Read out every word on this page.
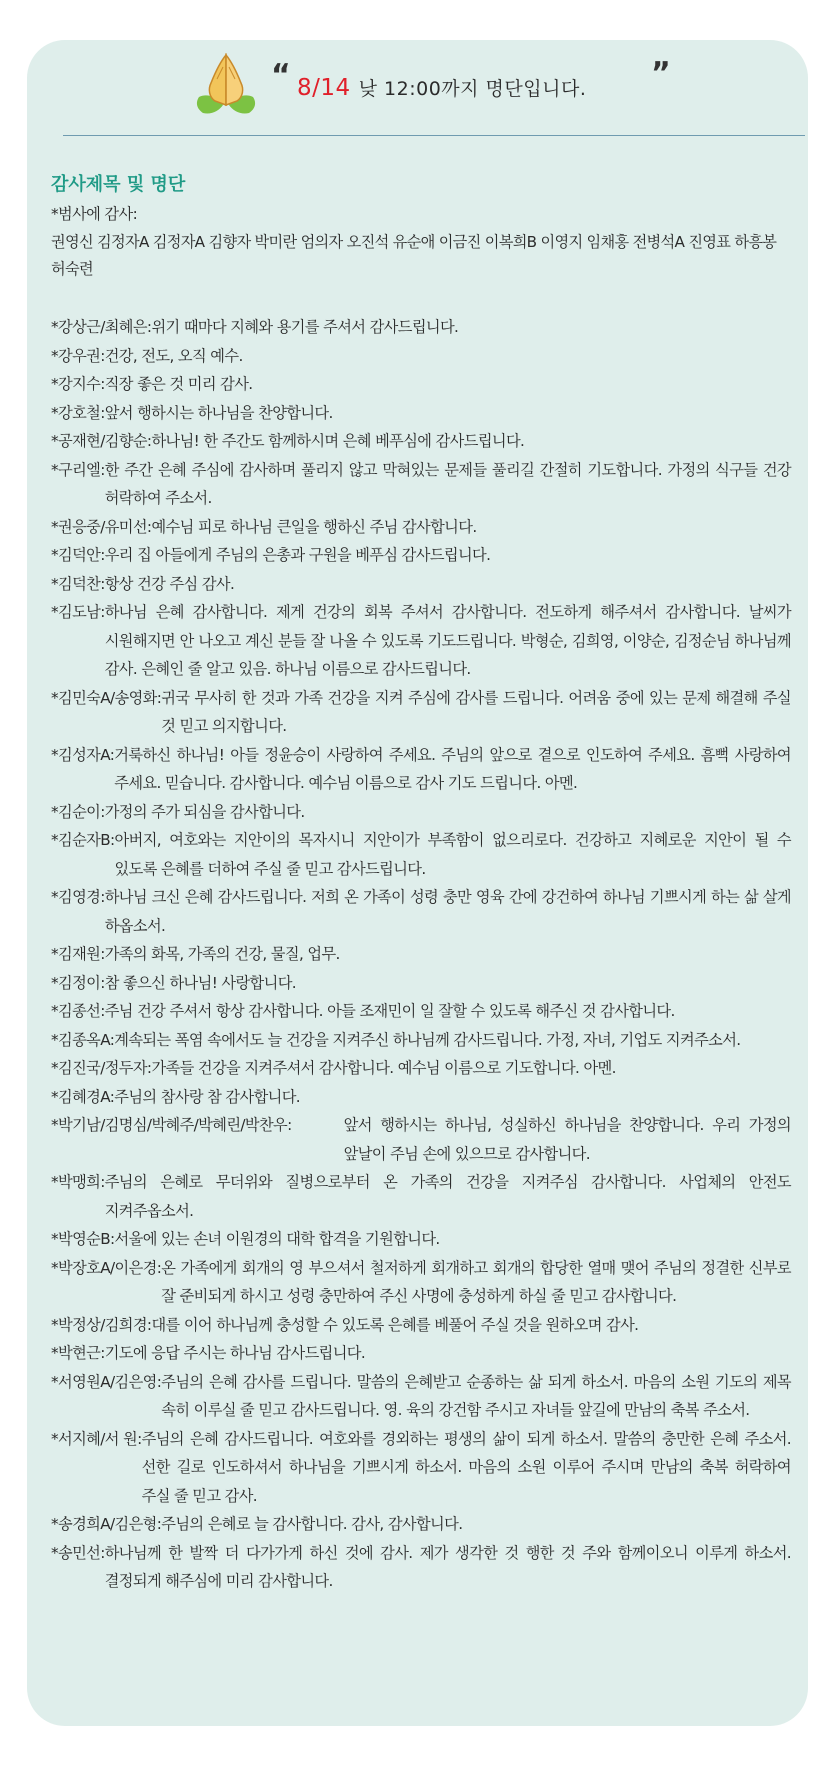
“ 8/14 낮 12:00까지 명단입니다. ”
감사제목 및 명단
*범사에 감사:
권영신 김정자A 김정자A 김향자 박미란 엄의자 오진석 유순애 이금진 이복희B 이영지 임채홍 전병석A 진영표 하흥봉 허숙련
*강상근/최혜은: 위기 때마다 지혜와 용기를 주셔서 감사드립니다.
*강우권: 건강, 전도, 오직 예수.
*강지수: 직장 좋은 것 미리 감사.
*강호철: 앞서 행하시는 하나님을 찬양합니다.
*공재현/김향순: 하나님! 한 주간도 함께하시며 은혜 베푸심에 감사드립니다.
*구리엘: 한 주간 은혜 주심에 감사하며 풀리지 않고 막혀있는 문제들 풀리길 간절히 기도합니다. 가정의 식구들 건강 허락하여 주소서.
*권응중/유미선: 예수님 피로 하나님 큰일을 행하신 주님 감사합니다.
*김덕안: 우리 집 아들에게 주님의 은총과 구원을 베푸심 감사드립니다.
*김덕찬: 항상 건강 주심 감사.
*김도남: 하나님 은혜 감사합니다. 제게 건강의 회복 주셔서 감사합니다. 전도하게 해주셔서 감사합니다. 날씨가 시원해지면 안 나오고 계신 분들 잘 나올 수 있도록 기도드립니다. 박형순, 김희영, 이양순, 김정순님 하나님께 감사. 은혜인 줄 알고 있음. 하나님 이름으로 감사드립니다.
*김민숙A/송영화: 귀국 무사히 한 것과 가족 건강을 지켜 주심에 감사를 드립니다. 어려움 중에 있는 문제 해결해 주실 것 믿고 의지합니다.
*김성자A: 거룩하신 하나님! 아들 정윤승이 사랑하여 주세요. 주님의 앞으로 곁으로 인도하여 주세요. 흠뻑 사랑하여 주세요. 믿습니다. 감사합니다. 예수님 이름으로 감사 기도 드립니다. 아멘.
*김순이: 가정의 주가 되심을 감사합니다.
*김순자B: 아버지, 여호와는 지안이의 목자시니 지안이가 부족함이 없으리로다. 건강하고 지혜로운 지안이 될 수 있도록 은혜를 더하여 주실 줄 믿고 감사드립니다.
*김영경: 하나님 크신 은혜 감사드립니다. 저희 온 가족이 성령 충만 영육 간에 강건하여 하나님 기쁘시게 하는 삶 살게 하옵소서.
*김재원: 가족의 화목, 가족의 건강, 물질, 업무.
*김정이: 참 좋으신 하나님! 사랑합니다.
*김종선: 주님 건강 주셔서 항상 감사합니다. 아들 조재민이 일 잘할 수 있도록 해주신 것 감사합니다.
*김종옥A: 계속되는 폭염 속에서도 늘 건강을 지켜주신 하나님께 감사드립니다. 가정, 자녀, 기업도 지켜주소서.
*김진국/정두자: 가족들 건강을 지켜주셔서 감사합니다. 예수님 이름으로 기도합니다. 아멘.
*김혜경A: 주님의 참사랑 참 감사합니다.
*박기남/김명심/박혜주/박혜린/박찬우:	앞서 행하시는 하나님, 성실하신 하나님을 찬양합니다. 우리 가정의 앞날이 주님 손에 있으므로 감사합니다.
*박맹희: 주님의 은혜로 무더위와 질병으로부터 온 가족의 건강을 지켜주심 감사합니다. 사업체의 안전도 지켜주옵소서.
*박영순B: 서울에 있는 손녀 이원경의 대학 합격을 기원합니다.
*박장호A/이은경: 온 가족에게 회개의 영 부으셔서 철저하게 회개하고 회개의 합당한 열매 맺어 주님의 정결한 신부로 잘 준비되게 하시고 성령 충만하여 주신 사명에 충성하게 하실 줄 믿고 감사합니다.
*박정상/김희경: 대를 이어 하나님께 충성할 수 있도록 은혜를 베풀어 주실 것을 원하오며 감사.
*박현근: 기도에 응답 주시는 하나님 감사드립니다.
*서영원A/김은영: 주님의 은혜 감사를 드립니다. 말씀의 은혜받고 순종하는 삶 되게 하소서. 마음의 소원 기도의 제목 속히 이루실 줄 믿고 감사드립니다. 영. 육의 강건함 주시고 자녀들 앞길에 만남의 축복 주소서.
*서지혜/서 원: 주님의 은혜 감사드립니다. 여호와를 경외하는 평생의 삶이 되게 하소서. 말씀의 충만한 은혜 주소서. 선한 길로 인도하셔서 하나님을 기쁘시게 하소서. 마음의 소원 이루어 주시며 만남의 축복 허락하여 주실 줄 믿고 감사.
*송경희A/김은형: 주님의 은혜로 늘 감사합니다. 감사, 감사합니다.
*송민선: 하나님께 한 발짝 더 다가가게 하신 것에 감사. 제가 생각한 것 행한 것 주와 함께이오니 이루게 하소서. 결정되게 해주심에 미리 감사합니다.
